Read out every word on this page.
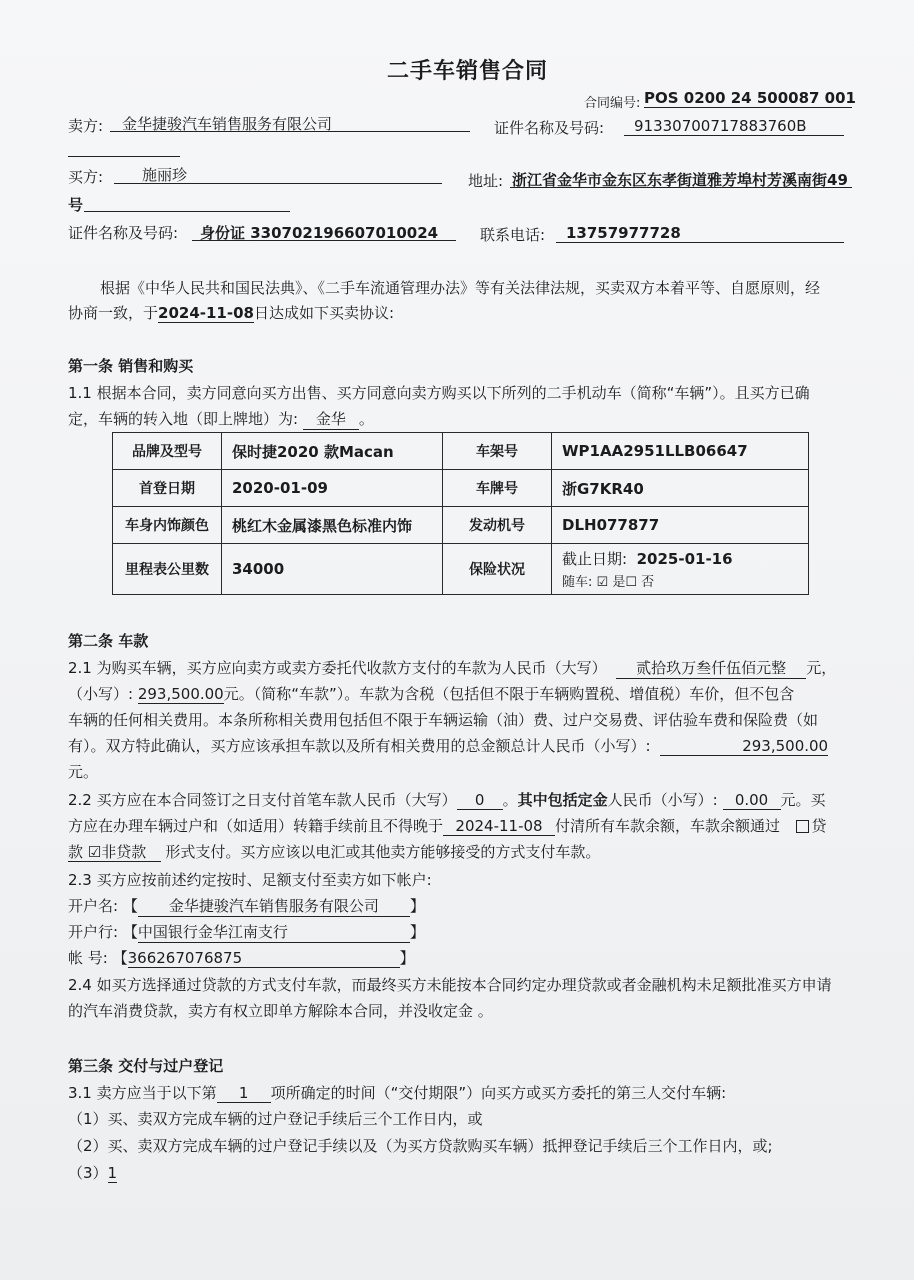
二手车销售合同
合同编号: POS 0200 24 500087 001
卖方: 金华捷骏汽车销售服务有限公司	证件名称及号码: 91330700717883760B
买方:	施丽珍	地址: 浙江省金华市金东区东孝街道雅芳埠村芳溪南街49
号
证件名称及号码: 身份证 330702196607010024	联系电话: 13757977728
根据《中华人民共和国民法典》、《二手车流通管理办法》等有关法律法规，买卖双方本着平等、自愿原则，经
协商一致，于2024-11-08日达成如下买卖协议:
第一条 销售和购买
1.1 根据本合同，卖方同意向买方出售、买方同意向卖方购买以下所列的二手机动车（简称“车辆”）。且买方已确
定，车辆的转入地（即上牌地）为: 金华 。
品牌及型号	保时捷2020 款Macan	车架号	WP1AA2951LLB06647
首登日期	2020-01-09	车牌号	浙G7KR40
车身内饰颜色	桃红木金属漆黑色标准内饰	发动机号	DLH077877
里程表公里数	34000	保险状况	截止日期: 2025-01-16
随车: ☑ 是☐ 否
第二条 车款
2.1 为购买车辆，买方应向卖方或卖方委托代收款方支付的车款为人民币（大写） 贰拾玖万叁仟伍佰元整 元，
（小写）: 293,500.00元。（简称“车款”）。车款为含税（包括但不限于车辆购置税、增值税）车价，但不包含
车辆的任何相关费用。本条所称相关费用包括但不限于车辆运输（油）费、过户交易费、评估验车费和保险费（如
有）。双方特此确认，买方应该承担车款以及所有相关费用的总金额总计人民币（小写）:	293,500.00
元。
2.2 买方应在本合同签订之日支付首笔车款人民币（大写） 0 。其中包括定金人民币（小写）: 0.00 元。买
方应在办理车辆过户和（如适用）转籍手续前且不得晚于 2024-11-08 付清所有车款余额，车款余额通过 贷
款 ☑非贷款 形式支付。买方应该以电汇或其他卖方能够接受的方式支付车款。
2.3 买方应按前述约定按时、足额支付至卖方如下帐户:
开户名: 【 金华捷骏汽车销售服务有限公司 】
开户行: 【中国银行金华江南支行	】
帐 号: 【366267076875	】
2.4 如买方选择通过贷款的方式支付车款，而最终买方未能按本合同约定办理贷款或者金融机构未足额批准买方申请
的汽车消费贷款，卖方有权立即单方解除本合同，并没收定金 。
第三条 交付与过户登记
3.1 卖方应当于以下第 1 项所确定的时间（“交付期限”）向买方或买方委托的第三人交付车辆:
（1）买、卖双方完成车辆的过户登记手续后三个工作日内，或
（2）买、卖双方完成车辆的过户登记手续以及（为买方贷款购买车辆）抵押登记手续后三个工作日内，或;
（3）1
